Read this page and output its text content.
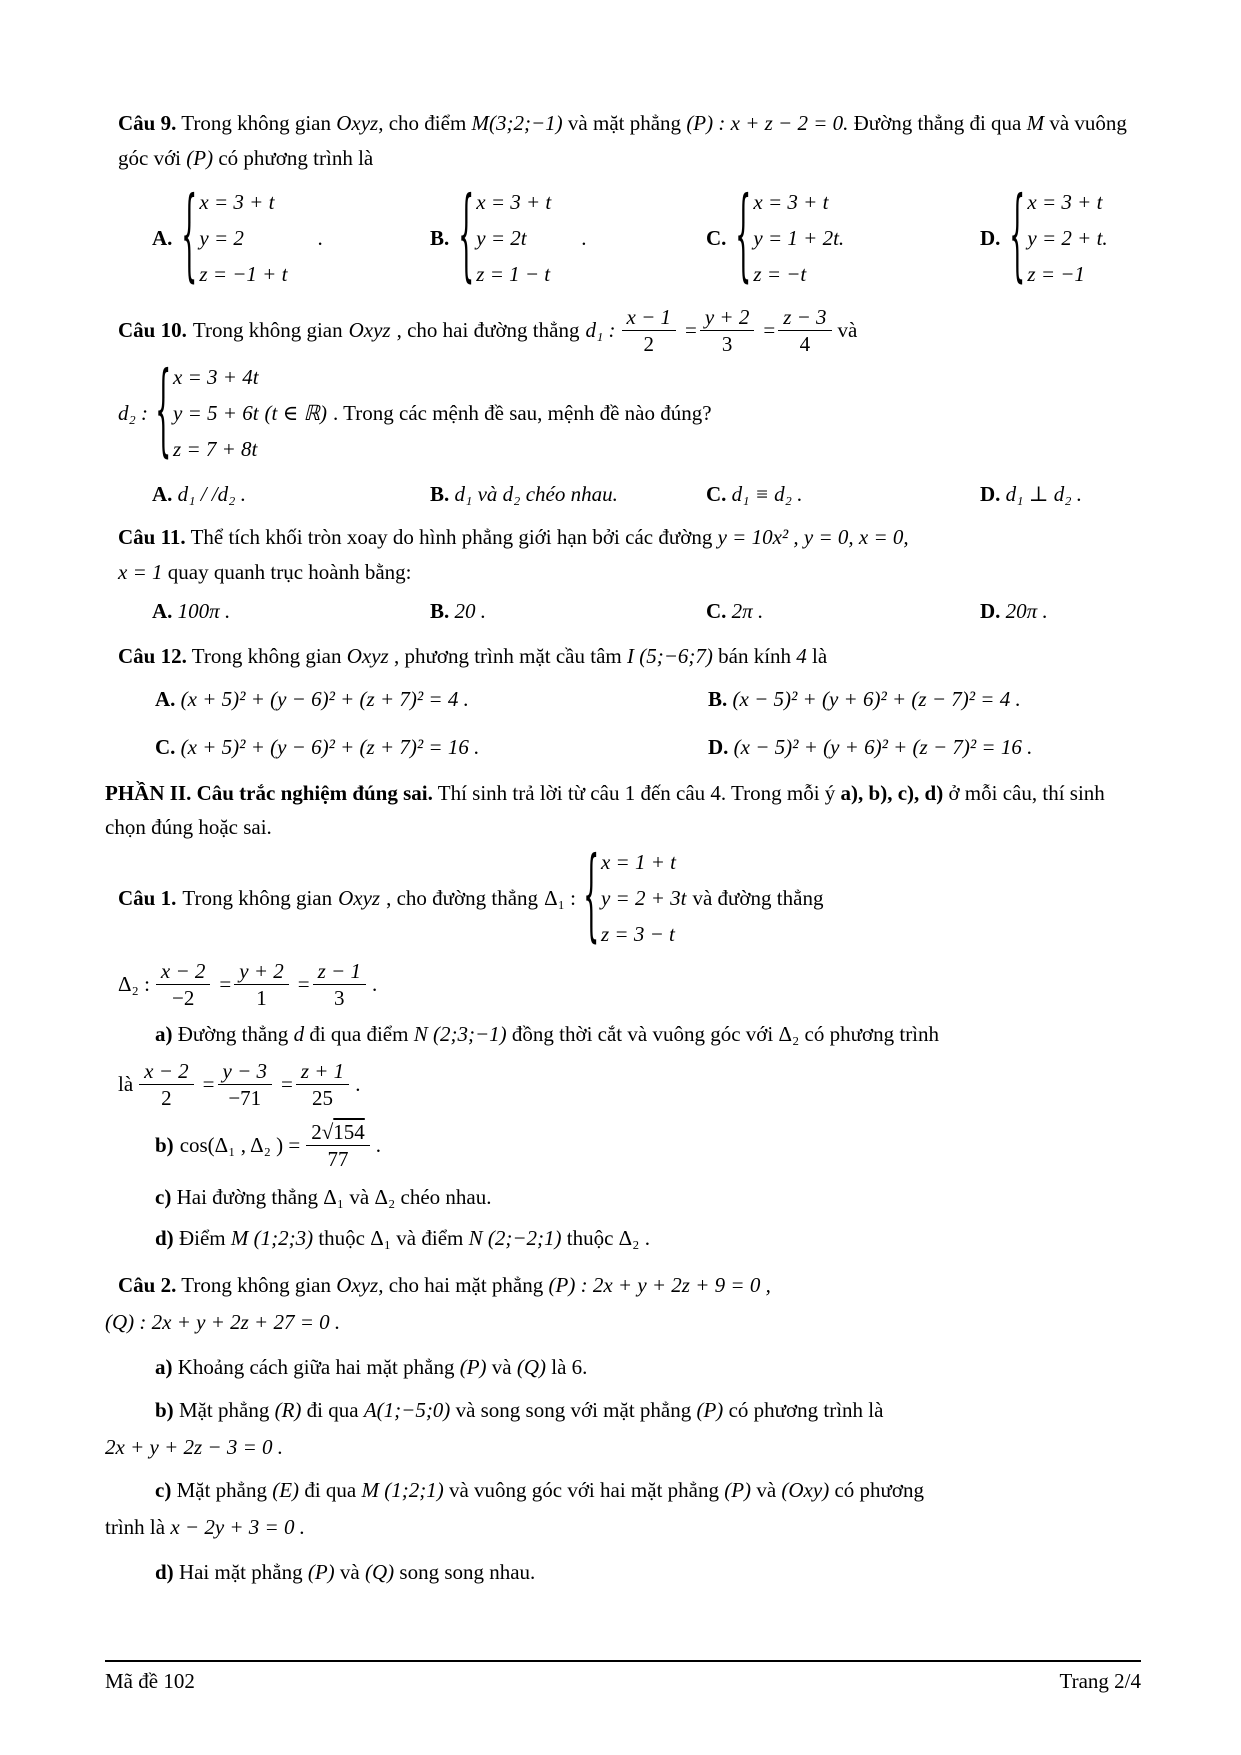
Câu 9. Trong không gian Oxyz, cho điểm M(3;2;−1) và mặt phẳng (P) : x + z − 2 = 0. Đường thẳng đi qua M và vuông góc với (P) có phương trình là

A. { x = 3 + t
y = 2
z = −1 + t
.	B. { x = 3 + t
y = 2t
z = 1 − t
.	C. { x = 3 + t
y = 1 + 2t.
z = −t
D. { x = 3 + t
y = 2 + t.
z = −1
Câu 10. Trong không gian Oxyz , cho hai đường thẳng d₁ : $\frac{x - 1}{2} = \frac{y + 2}{3} = \frac{z - 3}{4}$ và
d₂ : { x = 3 + 4t
y = 5 + 6t
z = 7 + 8t
(t ∈ ℝ) . Trong các mệnh đề sau, mệnh đề nào đúng?

A. d₁ / /d₂ .	B. d₁ và d₂ chéo nhau.	C. d₁ ≡ d₂ .	D. d₁ ⊥ d₂ .

Câu 11. Thể tích khối tròn xoay do hình phẳng giới hạn bởi các đường y = 10x² , y = 0, x = 0,

x = 1 quay quanh trục hoành bằng:

A. 100π .	B. 20 .	C. 2π .	D. 20π .

Câu 12. Trong không gian Oxyz , phương trình mặt cầu tâm I (5;−6;7) bán kính 4 là

A. (x + 5)² + (y − 6)² + (z + 7)² = 4 .	B. (x − 5)² + (y + 6)² + (z − 7)² = 4 .

C. (x + 5)² + (y − 6)² + (z + 7)² = 16 .	D. (x − 5)² + (y + 6)² + (z − 7)² = 16 .

PHẦN II. Câu trắc nghiệm đúng sai. Thí sinh trả lời từ câu 1 đến câu 4. Trong mỗi ý a), b), c), d) ở mỗi câu, thí sinh chọn đúng hoặc sai.

Câu 1. Trong không gian Oxyz , cho đường thẳng Δ₁ : { x = 1 + t
y = 2 + 3t
z = 3 − t
và đường thẳng
Δ₂ : $\frac{x - 2}{-2} = \frac{y + 2}{1} = \frac{z - 1}{3}$ .

a) Đường thẳng d đi qua điểm N (2;3;−1) đồng thời cắt và vuông góc với Δ₂ có phương trình

là $\frac{x - 2}{2} = \frac{y - 3}{-71} = \frac{z + 1}{25}$ .
b) cos(Δ₁ , Δ₂ ) = $\frac{2√154}{77}$ .

c) Hai đường thẳng Δ₁ và Δ₂ chéo nhau.

d) Điểm M (1;2;3) thuộc Δ₁ và điểm N (2;−2;1) thuộc Δ₂ .

Câu 2. Trong không gian Oxyz, cho hai mặt phẳng (P) : 2x + y + 2z + 9 = 0 ,

(Q) : 2x + y + 2z + 27 = 0 .

a) Khoảng cách giữa hai mặt phẳng (P) và (Q) là 6.

b) Mặt phẳng (R) đi qua A(1;−5;0) và song song với mặt phẳng (P) có phương trình là

2x + y + 2z − 3 = 0 .

c) Mặt phẳng (E) đi qua M (1;2;1) và vuông góc với hai mặt phẳng (P) và (Oxy) có phương

trình là x − 2y + 3 = 0 .

d) Hai mặt phẳng (P) và (Q) song song nhau.

Mã đề 102	Trang 2/4
